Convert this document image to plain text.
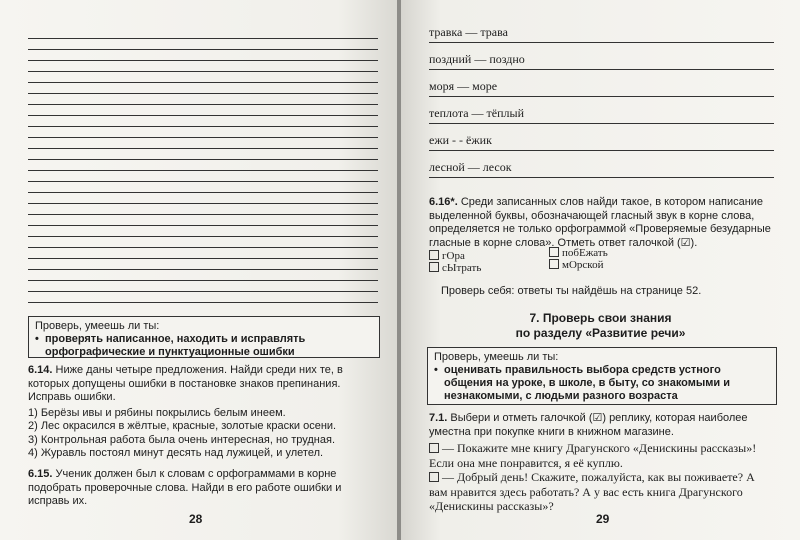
Проверь, умеешь ли ты:
• проверять написанное, находить и исправлять орфографические и пунктуационные ошибки
6.14. Ниже даны четыре предложения. Найди среди них те, в которых допущены ошибки в постановке знаков препинания. Исправь ошибки.
1) Берёзы ивы и рябины покрылись белым инеем.
2) Лес окрасился в жёлтые, красные, золотые краски осени.
3) Контрольная работа была очень интересная, но трудная.
4) Журавль постоял минут десять над лужицей, и улетел.
6.15. Ученик должен был к словам с орфограммами в корне подобрать проверочные слова. Найди в его работе ошибки и исправь их.
28
травка — трава
поздний — поздно
моря — море
теплота — тёплый
ежи - - ёжик
лесной — лесок
6.16*. Среди записанных слов найди такое, в котором написание выделенной буквы, обозначающей гласный звук в корне слова, определяется не только орфограммой «Проверяемые безударные гласные в корне слова». Отметь ответ галочкой (☑).
гОра	побЕжать
сЫтрать	мОрской
Проверь себя: ответы ты найдёшь на странице 52.
7. Проверь свои знания
по разделу «Развитие речи»
Проверь, умеешь ли ты:
• оценивать правильность выбора средств устного общения на уроке, в школе, в быту, со знакомыми и незнакомыми, с людьми разного возраста
7.1. Выбери и отметь галочкой (☑) реплику, которая наиболее уместна при покупке книги в книжном магазине.
— Покажите мне книгу Драгунского «Денискины рассказы»! Если она мне понравится, я её куплю.
— Добрый день! Скажите, пожалуйста, как вы поживаете? А вам нравится здесь работать? А у вас есть книга Драгунского «Денискины рассказы»?
29
